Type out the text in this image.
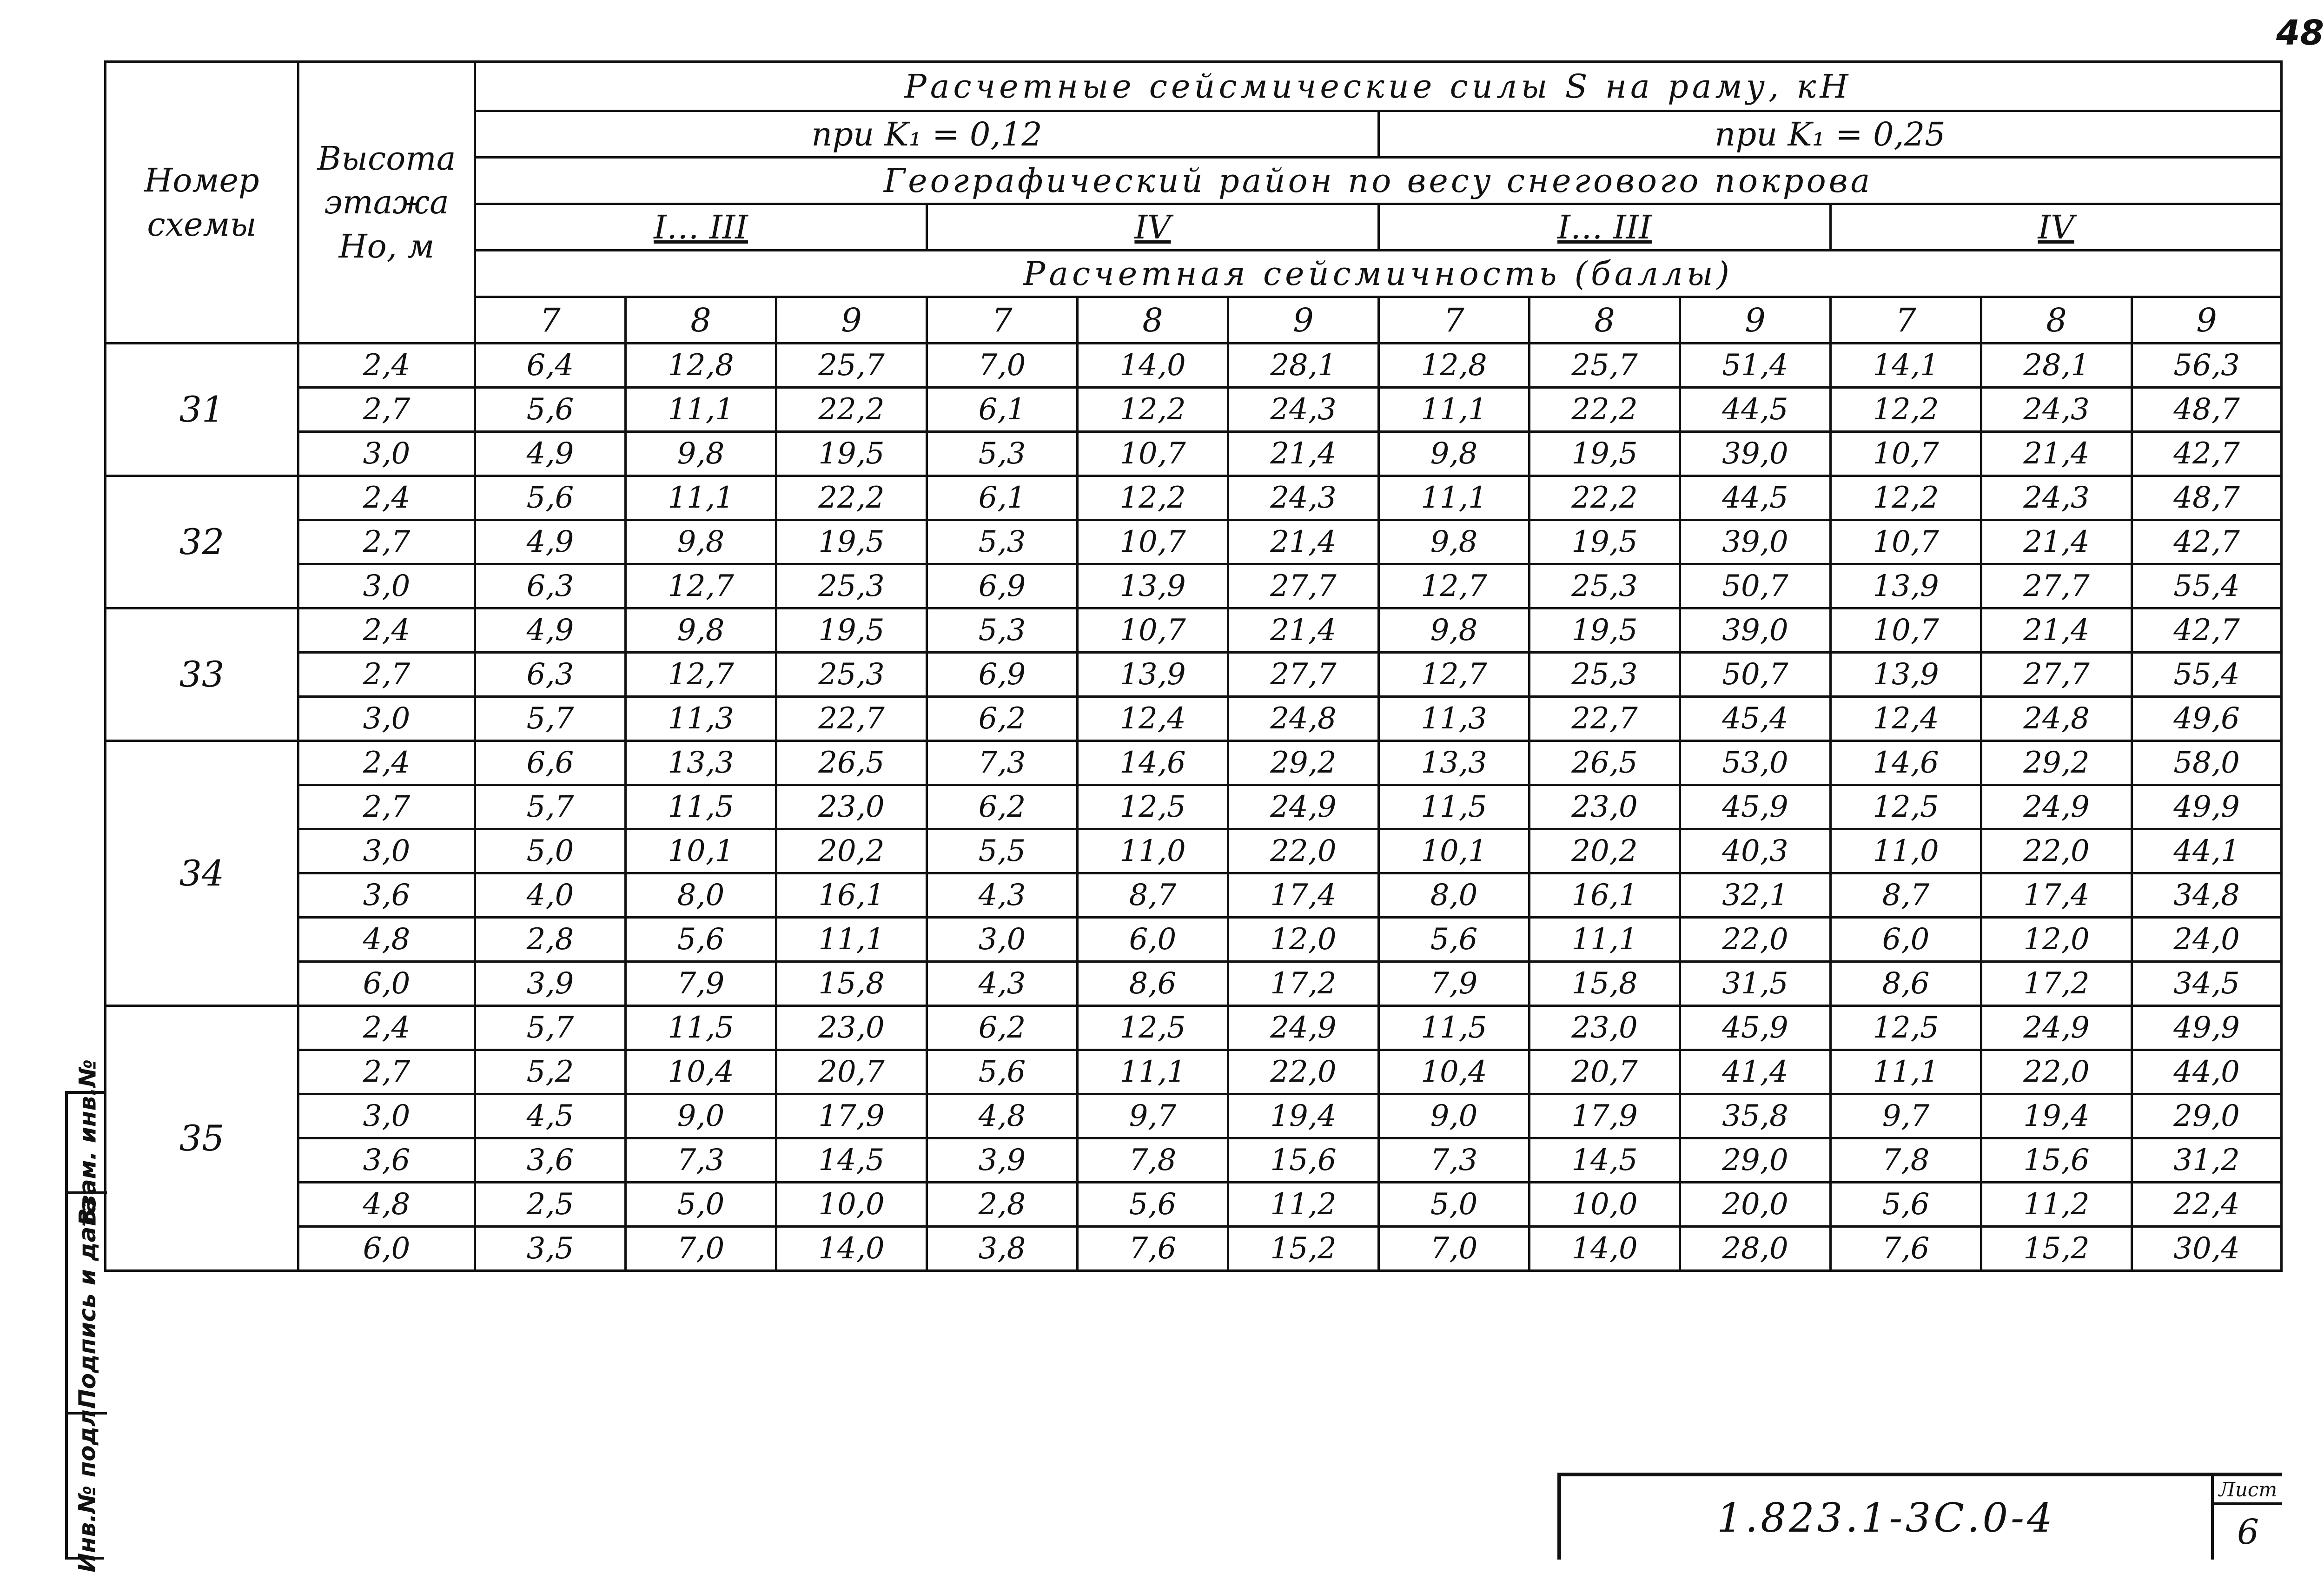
48
Номер схемы	Высота этажа Hо, м	Расчетные сейсмические силы S на раму, кН											
		при K₁ = 0,12						при K₁ = 0,25					
		Географический район по весу снегового покрова											
		I… III			IV			I… III			IV		
		Расчетная сейсмичность (баллы)											
		7	8	9	7	8	9	7	8	9	7	8	9
31	2,4	6,4	12,8	25,7	7,0	14,0	28,1	12,8	25,7	51,4	14,1	28,1	56,3
	2,7	5,6	11,1	22,2	6,1	12,2	24,3	11,1	22,2	44,5	12,2	24,3	48,7
	3,0	4,9	9,8	19,5	5,3	10,7	21,4	9,8	19,5	39,0	10,7	21,4	42,7
32	2,4	5,6	11,1	22,2	6,1	12,2	24,3	11,1	22,2	44,5	12,2	24,3	48,7
	2,7	4,9	9,8	19,5	5,3	10,7	21,4	9,8	19,5	39,0	10,7	21,4	42,7
	3,0	6,3	12,7	25,3	6,9	13,9	27,7	12,7	25,3	50,7	13,9	27,7	55,4
33	2,4	4,9	9,8	19,5	5,3	10,7	21,4	9,8	19,5	39,0	10,7	21,4	42,7
	2,7	6,3	12,7	25,3	6,9	13,9	27,7	12,7	25,3	50,7	13,9	27,7	55,4
	3,0	5,7	11,3	22,7	6,2	12,4	24,8	11,3	22,7	45,4	12,4	24,8	49,6
34	2,4	6,6	13,3	26,5	7,3	14,6	29,2	13,3	26,5	53,0	14,6	29,2	58,0
	2,7	5,7	11,5	23,0	6,2	12,5	24,9	11,5	23,0	45,9	12,5	24,9	49,9
	3,0	5,0	10,1	20,2	5,5	11,0	22,0	10,1	20,2	40,3	11,0	22,0	44,1
	3,6	4,0	8,0	16,1	4,3	8,7	17,4	8,0	16,1	32,1	8,7	17,4	34,8
	4,8	2,8	5,6	11,1	3,0	6,0	12,0	5,6	11,1	22,0	6,0	12,0	24,0
	6,0	3,9	7,9	15,8	4,3	8,6	17,2	7,9	15,8	31,5	8,6	17,2	34,5
35	2,4	5,7	11,5	23,0	6,2	12,5	24,9	11,5	23,0	45,9	12,5	24,9	49,9
	2,7	5,2	10,4	20,7	5,6	11,1	22,0	10,4	20,7	41,4	11,1	22,0	44,0
	3,0	4,5	9,0	17,9	4,8	9,7	19,4	9,0	17,9	35,8	9,7	19,4	29,0
	3,6	3,6	7,3	14,5	3,9	7,8	15,6	7,3	14,5	29,0	7,8	15,6	31,2
	4,8	2,5	5,0	10,0	2,8	5,6	11,2	5,0	10,0	20,0	5,6	11,2	22,4
	6,0	3,5	7,0	14,0	3,8	7,6	15,2	7,0	14,0	28,0	7,6	15,2	30,4
Взам. инв.№
Подпись и дата
Инв.№ подл.	1.823.1-3С.0-4
Лист
6
